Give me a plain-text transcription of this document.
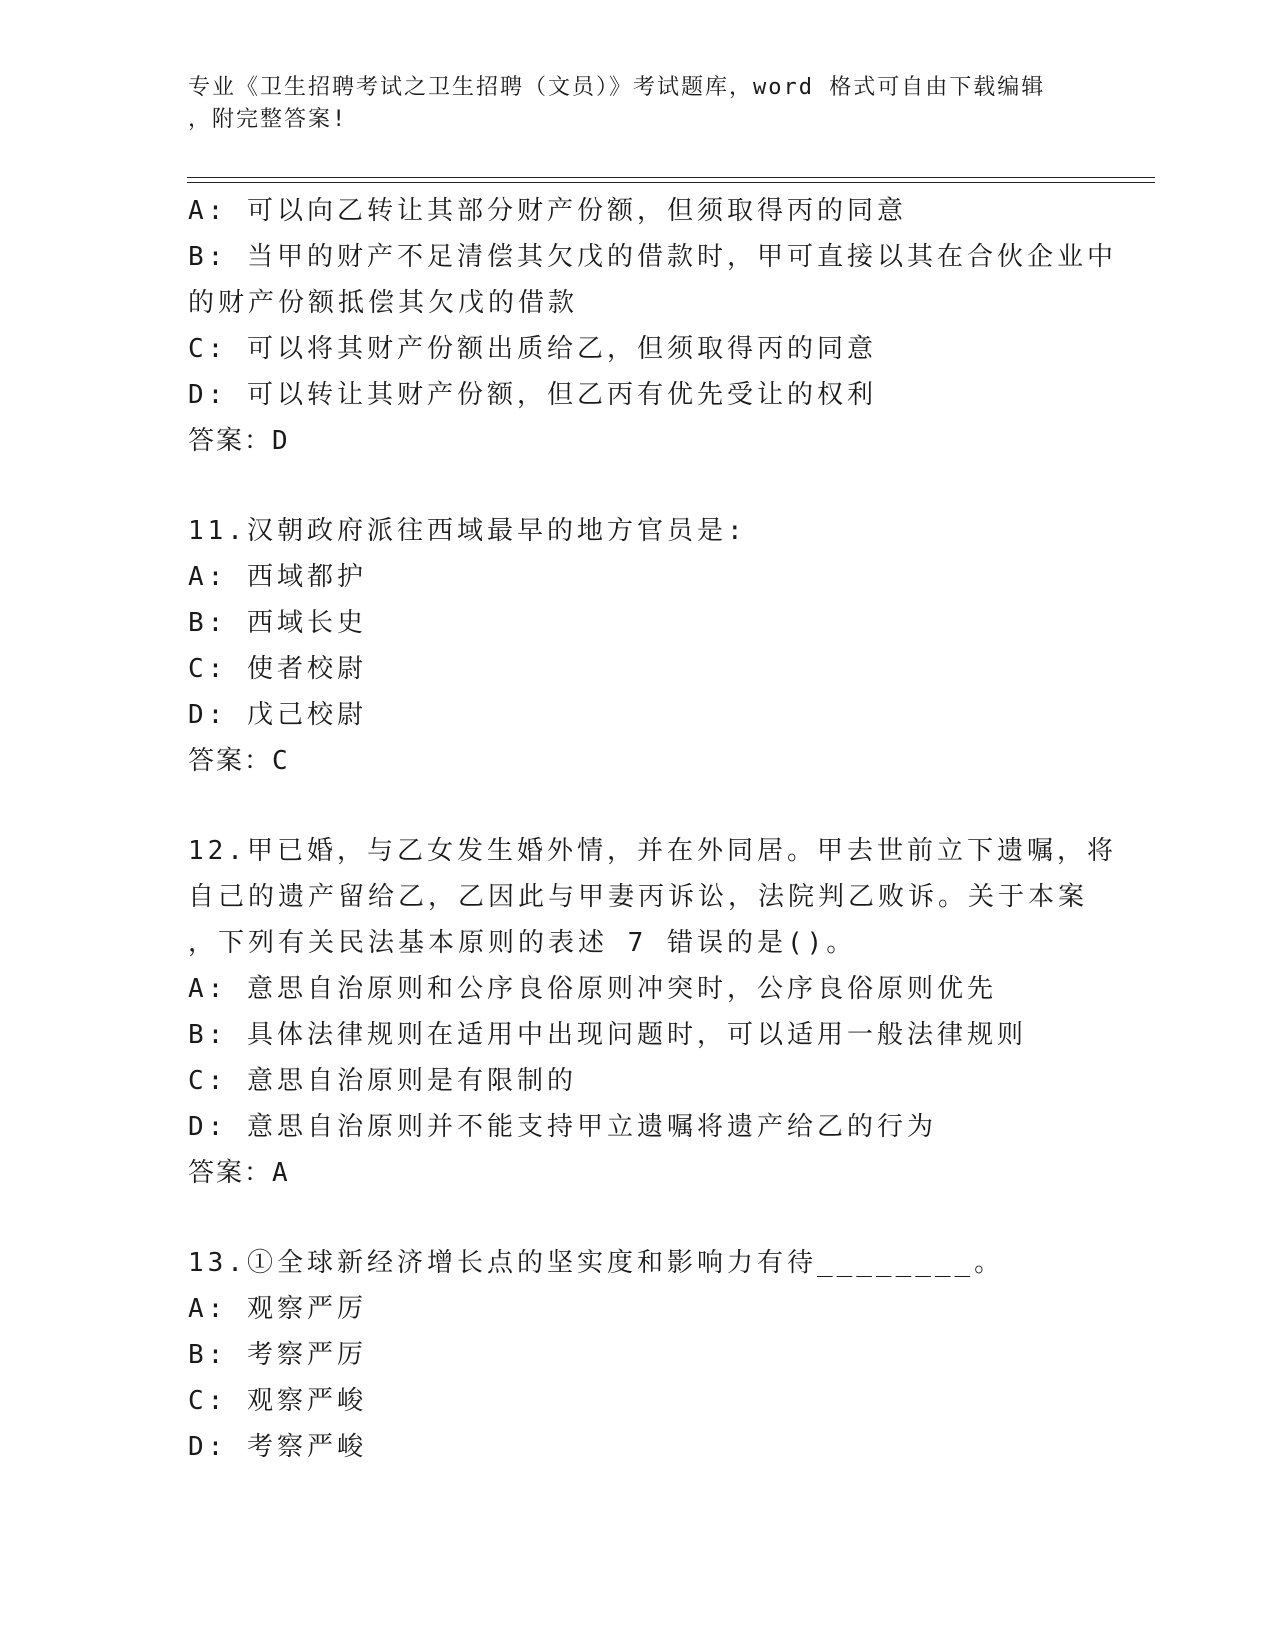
专业《卫生招聘考试之卫生招聘（文员）》考试题库，word 格式可自由下载编辑
，附完整答案!
A: 可以向乙转让其部分财产份额，但须取得丙的同意
B: 当甲的财产不足清偿其欠戊的借款时，甲可直接以其在合伙企业中
的财产份额抵偿其欠戊的借款
C: 可以将其财产份额出质给乙，但须取得丙的同意
D: 可以转让其财产份额，但乙丙有优先受让的权利
答案：D
11.汉朝政府派往西域最早的地方官员是:
A: 西域都护
B: 西域长史
C: 使者校尉
D: 戊己校尉
答案：C
12.甲已婚，与乙女发生婚外情，并在外同居。甲去世前立下遗嘱，将
自己的遗产留给乙，乙因此与甲妻丙诉讼，法院判乙败诉。关于本案
，下列有关民法基本原则的表述 7 错误的是()。
A: 意思自治原则和公序良俗原则冲突时，公序良俗原则优先
B: 具体法律规则在适用中出现问题时，可以适用一般法律规则
C: 意思自治原则是有限制的
D: 意思自治原则并不能支持甲立遗嘱将遗产给乙的行为
答案：A
13.①全球新经济增长点的坚实度和影响力有待________。
A: 观察严厉
B: 考察严厉
C: 观察严峻
D: 考察严峻
